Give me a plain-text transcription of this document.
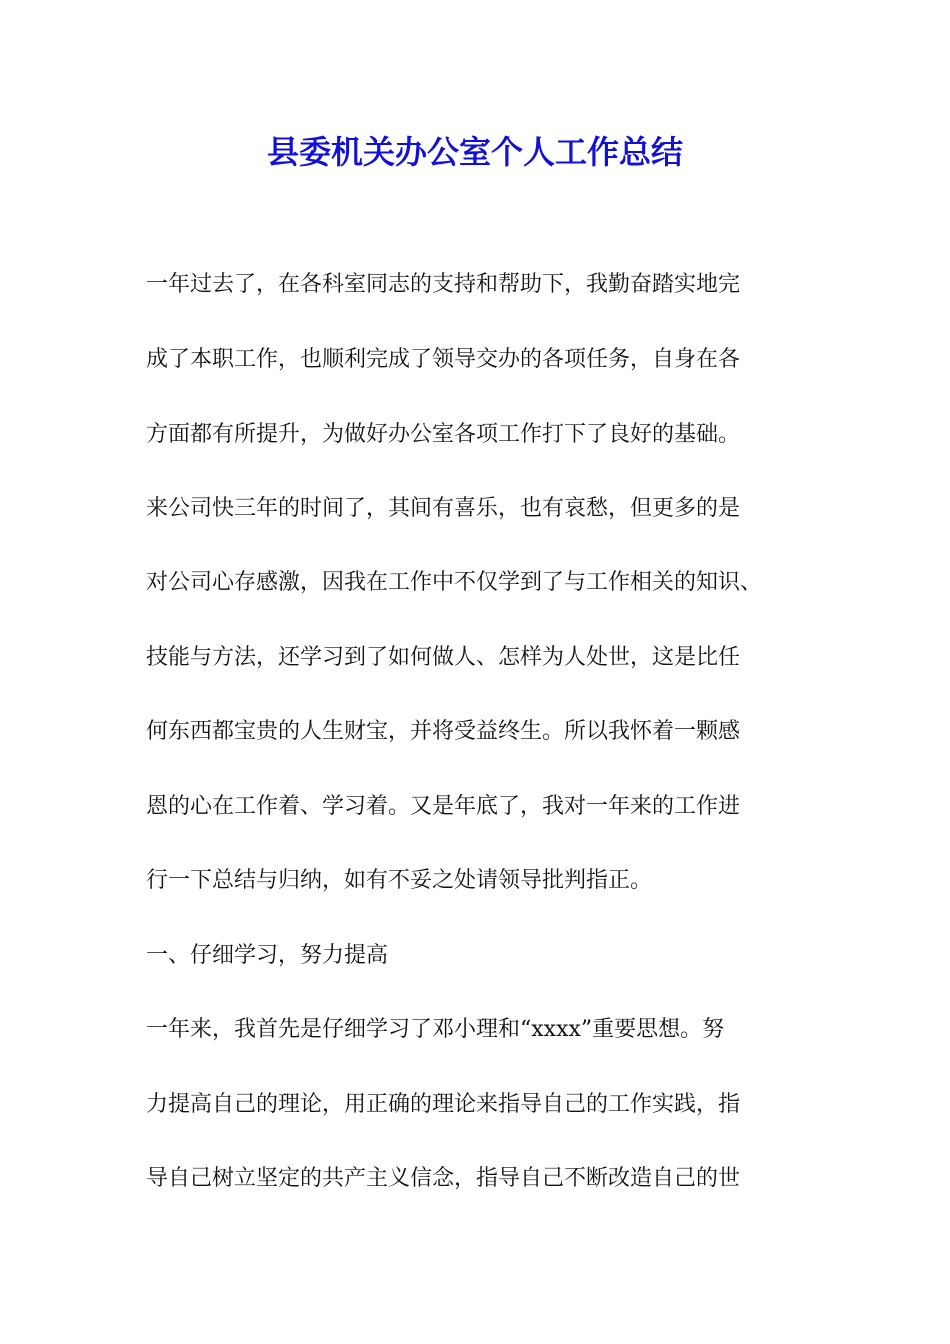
县委机关办公室个人工作总结
一年过去了，在各科室同志的支持和帮助下，我勤奋踏实地完
成了本职工作，也顺利完成了领导交办的各项任务，自身在各
方面都有所提升，为做好办公室各项工作打下了良好的基础。
来公司快三年的时间了，其间有喜乐，也有哀愁，但更多的是
对公司心存感激，因我在工作中不仅学到了与工作相关的知识、
技能与方法，还学习到了如何做人、怎样为人处世，这是比任
何东西都宝贵的人生财宝，并将受益终生。所以我怀着一颗感
恩的心在工作着、学习着。又是年底了，我对一年来的工作进
行一下总结与归纳，如有不妥之处请领导批判指正。
一、仔细学习，努力提高
一年来，我首先是仔细学习了邓小理和“xxxx”重要思想。努
力提高自己的理论，用正确的理论来指导自己的工作实践，指
导自己树立坚定的共产主义信念，指导自己不断改造自己的世
